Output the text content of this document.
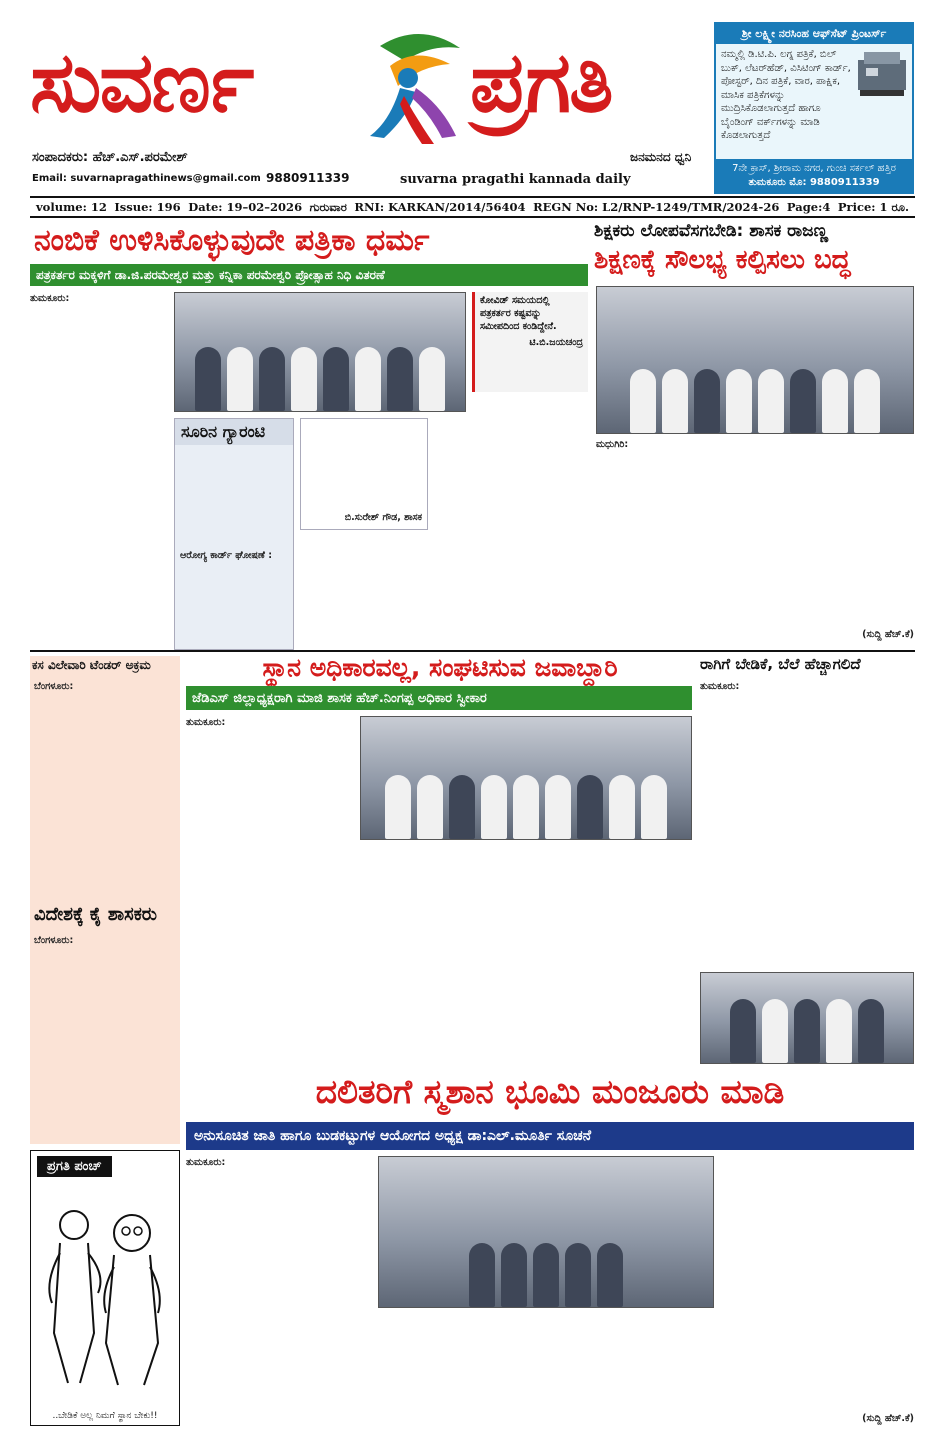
ಸುವರ್ಣ	ಪ್ರಗತಿ
ಸಂಪಾದಕರು: ಹೆಚ್.ಎಸ್.ಪರಮೇಶ್	ಜನಮನದ ಧ್ವನಿ
Email: suvarnapragathinews@gmail.com 9880911339	suvarna pragathi kannada daily
ಶ್ರೀ ಲಕ್ಷ್ಮೀ ನರಸಿಂಹ ಆಫ್‌ಸೆಟ್ ಪ್ರಿಂಟರ್ಸ್
ನಮ್ಮಲ್ಲಿ ಡಿ.ಟಿ.ಪಿ. ಲಗ್ನ ಪತ್ರಿಕೆ, ಬಿಲ್ ಬುಕ್, ಲೆಟರ್‌ಹೆಡ್, ವಿಸಿಟಿಂಗ್ ಕಾರ್ಡ್, ಪೋಸ್ಟರ್, ದಿನ ಪತ್ರಿಕೆ, ವಾರ, ಪಾಕ್ಷಿಕ, ಮಾಸಿಕ ಪತ್ರಿಕೆಗಳನ್ನು ಮುದ್ರಿಸಿಕೊಡಲಾಗುತ್ತದೆ ಹಾಗೂ ಬೈಂಡಿಂಗ್ ವರ್ಕ್‌ಗಳನ್ನು ಮಾಡಿ ಕೊಡಲಾಗುತ್ತದೆ
7ನೇ ಕ್ರಾಸ್, ಶ್ರೀರಾಮ ನಗರ, ಗುಂಚಿ ಸರ್ಕಲ್ ಹತ್ತಿರ
ತುಮಕೂರು ಮೊ: 9880911339
volume: 12 Issue: 196 Date: 19–02–2026 ಗುರುವಾರ RNI: KARKAN/2014/56404 REGN No: L2/RNP-1249/TMR/2024-26 Page:4 Price: 1 ರೂ.
ನಂಬಿಕೆ ಉಳಿಸಿಕೊಳ್ಳುವುದೇ ಪತ್ರಿಕಾ ಧರ್ಮ
ಪತ್ರಕರ್ತರ ಮಕ್ಕಳಿಗೆ ಡಾ.ಜಿ.ಪರಮೇಶ್ವರ ಮತ್ತು ಕನ್ನಿಕಾ ಪರಮೇಶ್ವರಿ ಪ್ರೋತ್ಸಾಹ ನಿಧಿ ವಿತರಣೆ
ತುಮಕೂರು:	ಕೋವಿಡ್ ಸಮಯದಲ್ಲಿ ಪತ್ರಕರ್ತರ ಕಷ್ಟವನ್ನು ಸಮೀಪದಿಂದ ಕಂಡಿದ್ದೇನೆ.
ಟಿ.ಬಿ.ಜಯಚಂದ್ರ
ಸೂರಿನ ಗ್ಯಾರಂಟಿ
ಆರೋಗ್ಯ ಕಾರ್ಡ್ ಘೋಷಣೆ :
ಬಿ.ಸುರೇಶ್ ಗೌಡ, ಶಾಸಕ
ಶಿಕ್ಷಕರು ಲೋಪವೆಸಗಬೇಡಿ: ಶಾಸಕ ರಾಜಣ್ಣ
ಶಿಕ್ಷಣಕ್ಕೆ ಸೌಲಭ್ಯ ಕಲ್ಪಿಸಲು ಬದ್ಧ
ಮಧುಗಿರಿ:
(ಸುದ್ದಿ ಹೆಚ್.ಕೆ)
ಕಸ ವಿಲೇವಾರಿ ಟೆಂಡರ್ ಅಕ್ರಮ
ಬೆಂಗಳೂರು:
ವಿದೇಶಕ್ಕೆ ಕೈ ಶಾಸಕರು
ಬೆಂಗಳೂರು:
ಸ್ಥಾನ ಅಧಿಕಾರವಲ್ಲ, ಸಂಘಟಿಸುವ ಜವಾಬ್ದಾರಿ
ಜೆಡಿಎಸ್ ಜಿಲ್ಲಾಧ್ಯಕ್ಷರಾಗಿ ಮಾಜಿ ಶಾಸಕ ಹೆಚ್.ನಿಂಗಪ್ಪ ಅಧಿಕಾರ ಸ್ವೀಕಾರ
ತುಮಕೂರು:
ರಾಗಿಗೆ ಬೇಡಿಕೆ, ಬೆಲೆ ಹೆಚ್ಚಾಗಲಿದೆ
ತುಮಕೂರು:
ದಲಿತರಿಗೆ ಸ್ಮಶಾನ ಭೂಮಿ ಮಂಜೂರು ಮಾಡಿ
ಅನುಸೂಚಿತ ಜಾತಿ ಹಾಗೂ ಬುಡಕಟ್ಟುಗಳ ಆಯೋಗದ ಅಧ್ಯಕ್ಷ ಡಾ:ಎಲ್.ಮೂರ್ತಿ ಸೂಚನೆ
ತುಮಕೂರು:
(ಸುದ್ದಿ ಹೆಚ್.ಕೆ)
ಪ್ರಗತಿ ಪಂಚ್
..ಬೇಡಿಕೆ ಅಲ್ಲ ನಿಮಗೆ ಸ್ಥಾನ ಬೇಕು!!
